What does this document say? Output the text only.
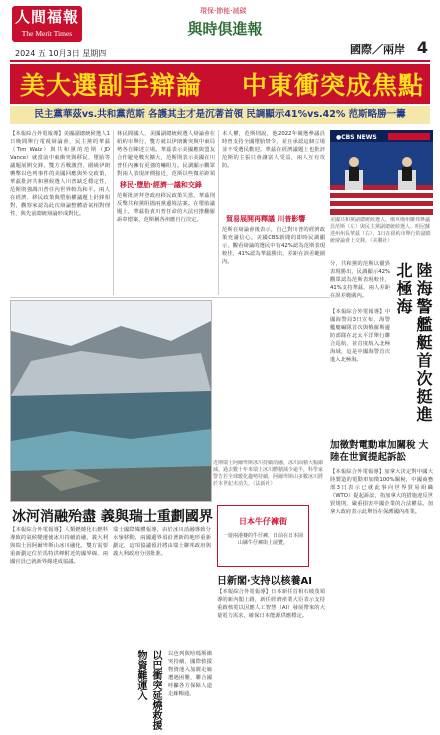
人間福報
The Merit Times
2024 五 10月3日 星期四
環保‧節能‧減碳
與時俱進報
國際／兩岸 4
美大選副手辯論 中東衝突成焦點
民主黨華茲vs.共和黨范斯 各護其主才是沉著首領 民調顯示41%vs.42% 范斯略勝一籌
【本報綜合外電報導】美國副總統候選人1日晚間舉行電視辯論會，民主黨的華茲（Tim Walz）與共和黨的范斯（JD Vance）就當前中東衝突與移民、墮胎等議題展開交鋒，雙方舌戰激烈，圍繞伊朗襲擊以色列事件的美國回應與外交政策，華茲批評共和黨候選人川普缺乏穩定性，范斯則強調川普任內世界較為和平。兩人在經濟、移民政策與墮胎權議題上針鋒相對，觀察家認為此次辯論整體語氣相對理性，與先前總統辯論形成對比。
林民間國人，美國副總統候選人辯論會在紐約市舉行，雙方就以伊朗衝突與中東局勢各自陳述立場。華茲表示美國應與盟友合作避免戰火擴大，范斯則表示美國在川普任內擁有更強的嚇阻力。民調顯示觀眾對兩人表現評價接近，范斯以些微差距領
移民‧墮胎‧經濟一議和交鋒
范斯批評拜登政府移民政策失當，華茲則反擊共和黨阻擋兩黨邊境法案。在墮胎議題上，華茲指責川普任命的大法官推翻羅訴韋德案，范斯稱各州應自行決定。
本人權，范斯則說，他2022年競選參議員時曾支持全國墮胎禁令，並且承認這個立場並不受選民歡迎。華茲在經濟議題上也批評范斯的主張只會讓富人受益，兩人互有攻防。
貿易展開再釋議 川普影響
范斯在辯論會後表示，自己對川普的經濟政策充滿信心。美國CBS新聞的即時民調顯示，觀看辯論的選民中有42%認為范斯表現較佳，41%認為華茲勝出，差距在誤差範圍內。
●CBS NEWS
美國共和黨副總統候選人、俄亥俄州聯邦參議員范斯（左）與民主黨副總統候選人、明尼蘇達州州長華茲（右），1日在紐約市舉行的副總統辯論會上交鋒。（美聯社）
分，共和黨的范斯以優異表現勝出，民調顯示42%觀眾認為范斯表現較佳，41%支持華茲，兩人差距在誤差範圍內。	陸海警艦艇首次挺進北極海
【本報綜合外電報導】中國海警局3日宣布，海警艦艇編隊首次與俄羅斯邊防部隊在北太平洋舉行聯合巡航，並首度航入北極海域，這是中國海警首次進入北極海。
近期瑞士阿爾卑斯冰川持續消融，冰川面積大幅縮減。過去數十年來瑞士冰川體積減少逾半，科學家警告若全球暖化趨勢持續，阿爾卑斯山多數冰川將於本世紀末消失。（法新社）
冰河消融殆盡 義與瑞士重劃國界
【本報綜合外電報導】人類燃燒化石燃料導致的氣候變遷使冰川持續消融，義大利與瑞士因阿爾卑斯山冰川融化，雙方需要重新劃定位於馬特洪峰附近的國界線，兩國官員已就新界線達成協議。
瑞士國際媒體報導，由於冰川消融導致分水嶺移動，兩國邊界須沿著新的地形重新劃定，這項協議預計將由瑞士聯邦政府與義大利政府分別批准。
日本牛仔褲街
一遊兩港賽的牛仔褲，日前在日本岡山縣牛仔褲街上展覽。
日新閣‧支持以核養AI
【本報綜合外電報導】日本新任首相石破茂領導的新內閣上路，新任經濟產業大臣表示支持重啟核電以因應人工智慧（AI）發展帶來的大量電力需求，確保日本能源供應穩定。
加徵對電動車加關稅 大陸在世貿提起訴訟
【本報綜合外電報導】加拿大決定對中國大陸製造的電動車加徵100%關稅，中國商務部3日表示已就此事向世界貿易組織（WTO）提起訴訟，指加拿大的措施違反世貿規則，嚴重損害中國企業的合法權益。加拿大政府表示此舉旨在保護國內產業。
以巴衝突延燒救援物資難運入	以色列與哈瑪斯衝突持續，國際救援物資運入加薩走廊遭遇困難，聯合國呼籲各方保障人道走廊暢通。
